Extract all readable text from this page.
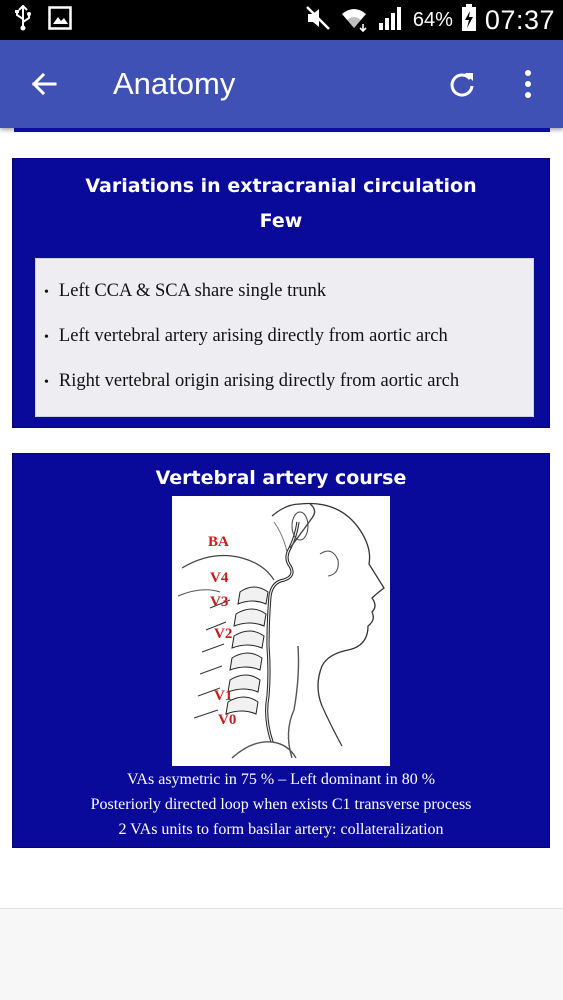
64% 07:37
Anatomy
Variations in extracranial circulation
Few
• Left CCA & SCA share single trunk
• Left vertebral artery arising directly from aortic arch
• Right vertebral origin arising directly from aortic arch
Vertebral artery course
BA
V4
V3
V2
V1
V0
VAs asymetric in 75 % – Left dominant in 80 %
Posteriorly directed loop when exists C1 transverse process
2 VAs units to form basilar artery: collateralization
